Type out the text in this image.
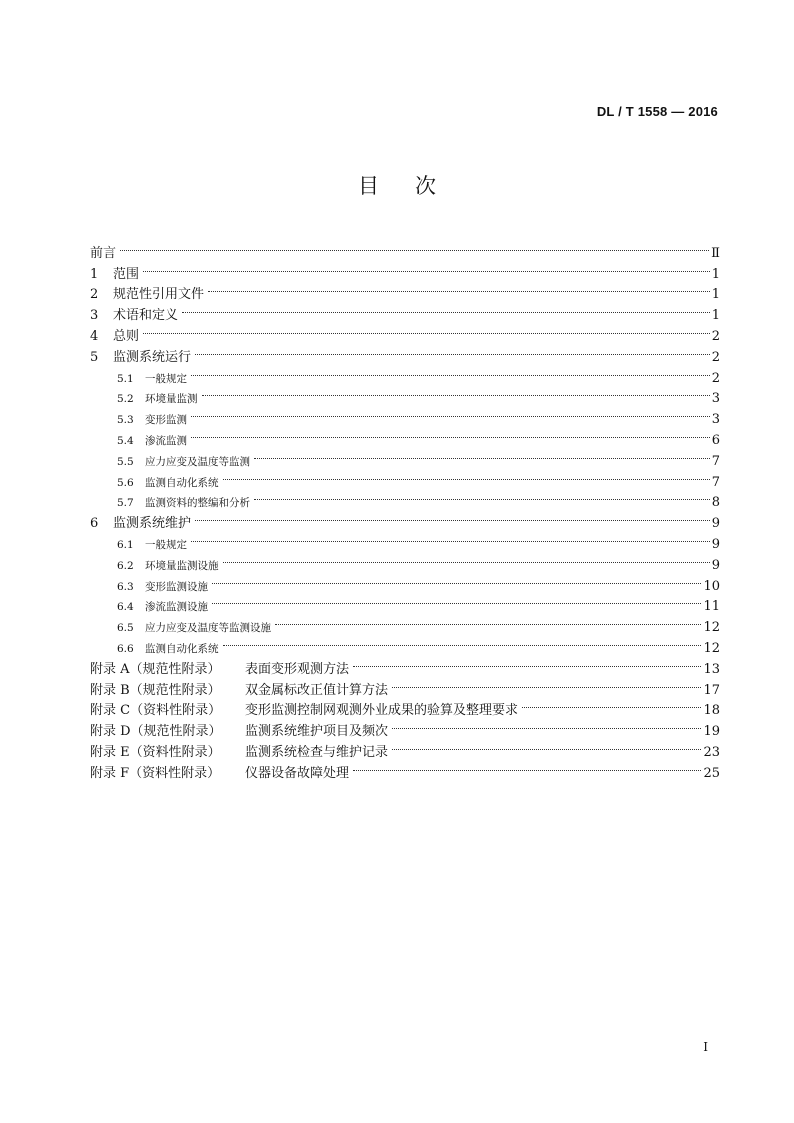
DL / T 1558 — 2016
目次
前言	Ⅱ
1	范围	1
2	规范性引用文件	1
3	术语和定义	1
4	总则	2
5	监测系统运行	2
5.1	一般规定	2
5.2	环境量监测	3
5.3	变形监测	3
5.4	渗流监测	6
5.5	应力应变及温度等监测	7
5.6	监测自动化系统	7
5.7	监测资料的整编和分析	8
6	监测系统维护	9
6.1	一般规定	9
6.2	环境量监测设施	9
6.3	变形监测设施	10
6.4	渗流监测设施	11
6.5	应力应变及温度等监测设施	12
6.6	监测自动化系统	12
附录 A（规范性附录）	表面变形观测方法	13
附录 B（规范性附录）	双金属标改正值计算方法	17
附录 C（资料性附录）	变形监测控制网观测外业成果的验算及整理要求	18
附录 D（规范性附录）	监测系统维护项目及频次	19
附录 E（资料性附录）	监测系统检查与维护记录	23
附录 F（资料性附录）	仪器设备故障处理	25
I
